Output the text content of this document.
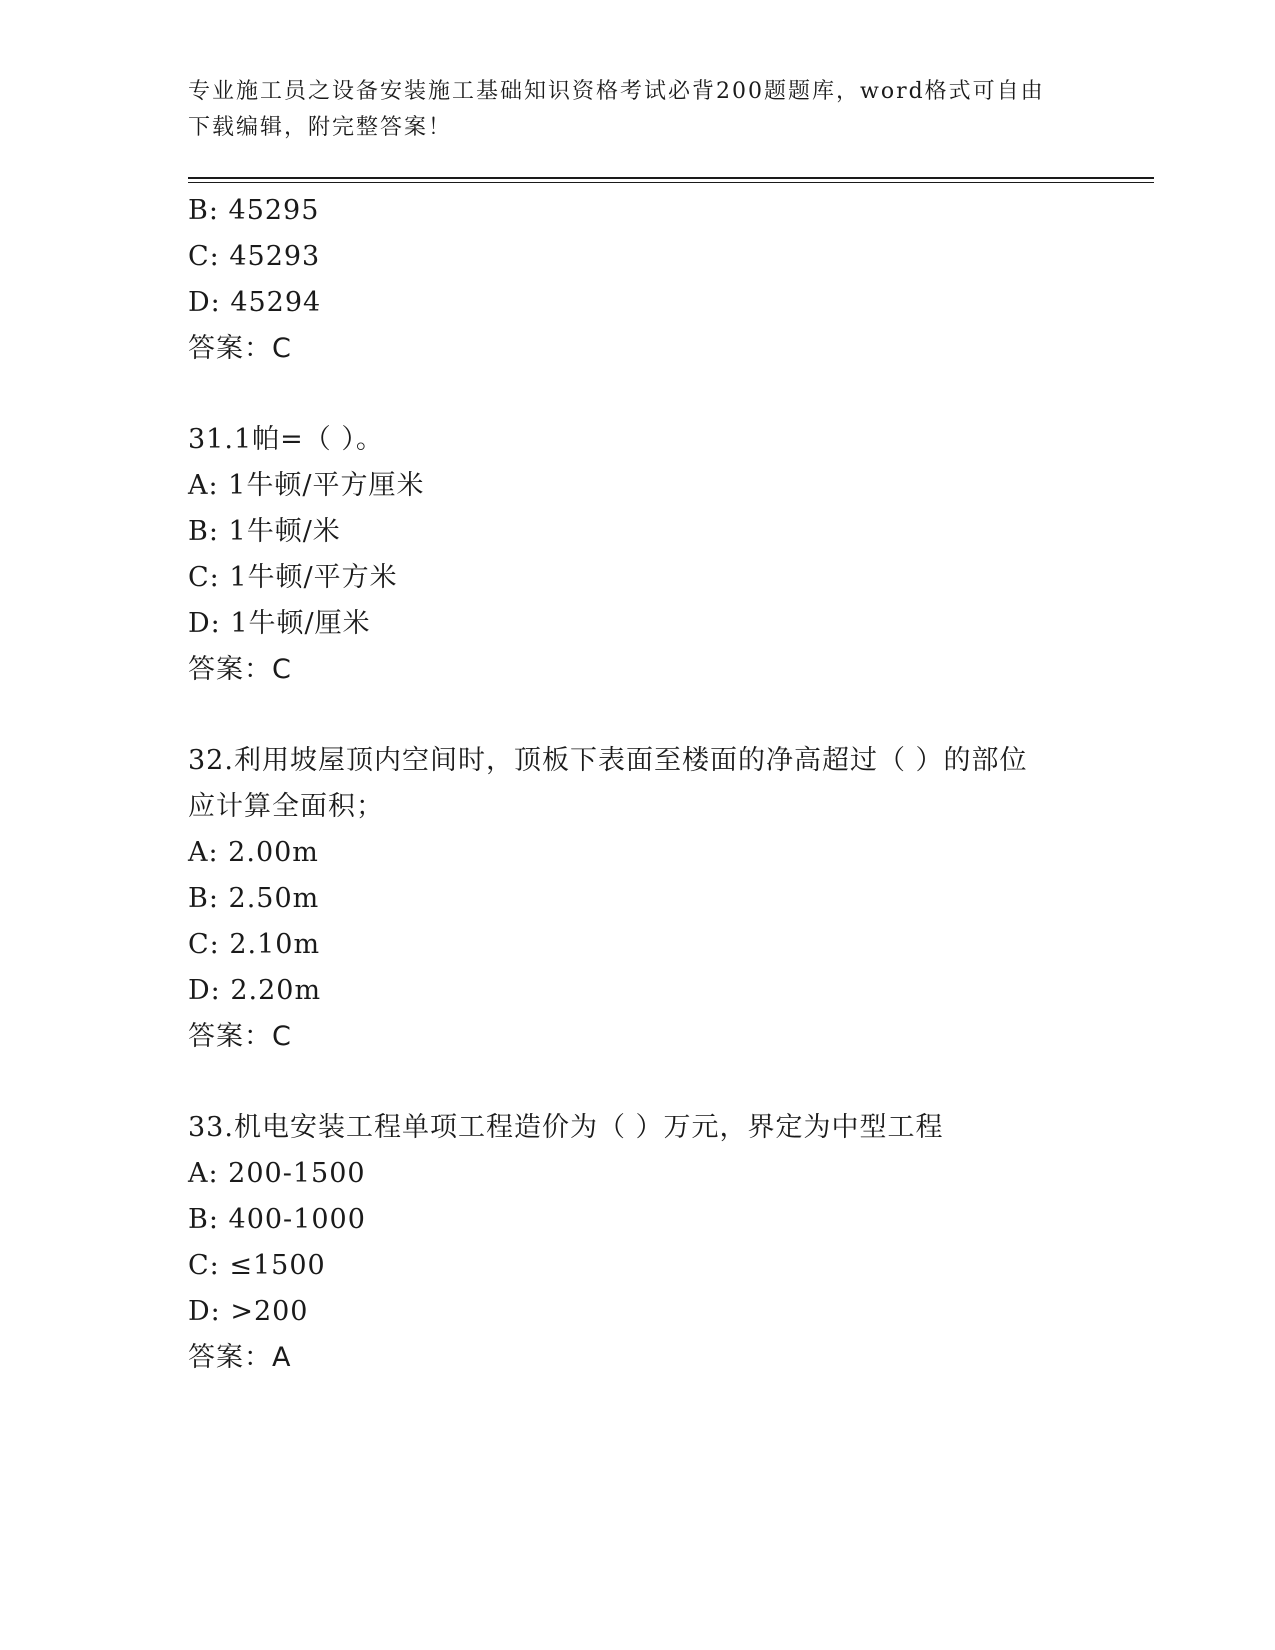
专业施工员之设备安装施工基础知识资格考试必背200题题库，word格式可自由
下载编辑，附完整答案！
B: 45295
C: 45293
D: 45294
答案：C
31.1帕=（ ）。
A: 1牛顿/平方厘米
B: 1牛顿/米
C: 1牛顿/平方米
D: 1牛顿/厘米
答案：C
32.利用坡屋顶内空间时，顶板下表面至楼面的净高超过（ ）的部位
应计算全面积；
A: 2.00m
B: 2.50m
C: 2.10m
D: 2.20m
答案：C
33.机电安装工程单项工程造价为（ ）万元，界定为中型工程
A: 200-1500
B: 400-1000
C: ≤1500
D: >200
答案：A
